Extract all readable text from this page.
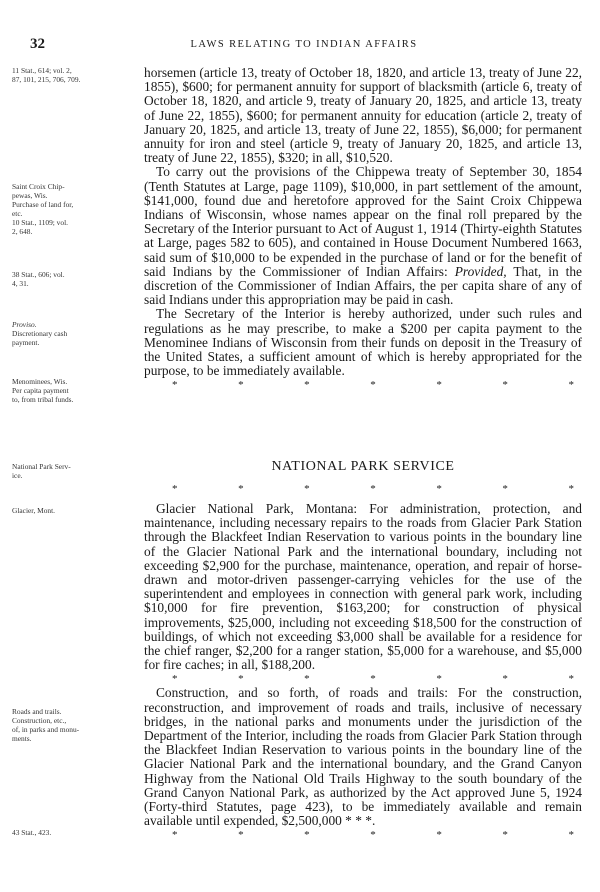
32	LAWS RELATING TO INDIAN AFFAIRS
11 Stat., 614; vol. 2,
87, 101, 215, 706, 709.
Saint Croix Chip-
pewas, Wis.
Purchase of land for,
etc.
10 Stat., 1109; vol.
2, 648.
38 Stat., 606; vol.
4, 31.
Proviso.
Discretionary cash
payment.
Menominees, Wis.
Per capita payment
to, from tribal funds.
National Park Serv-
ice.
Glacier, Mont.
Roads and trails.
Construction, etc.,
of, in parks and monu-
ments.
43 Stat., 423.

horsemen (article 13, treaty of October 18, 1820, and article 13, treaty of June 22, 1855), $600; for permanent annuity for support of blacksmith (article 6, treaty of October 18, 1820, and article 9, treaty of January 20, 1825, and article 13, treaty of June 22, 1855), $600; for permanent annuity for education (article 2, treaty of January 20, 1825, and article 13, treaty of June 22, 1855), $6,000; for permanent annuity for iron and steel (article 9, treaty of January 20, 1825, and article 13, treaty of June 22, 1855), $320; in all, $10,520.

To carry out the provisions of the Chippewa treaty of September 30, 1854 (Tenth Statutes at Large, page 1109), $10,000, in part settlement of the amount, $141,000, found due and heretofore approved for the Saint Croix Chippewa Indians of Wisconsin, whose names appear on the final roll prepared by the Secretary of the Interior pursuant to Act of August 1, 1914 (Thirty-eighth Statutes at Large, pages 582 to 605), and contained in House Document Numbered 1663, said sum of $10,000 to be expended in the purchase of land or for the benefit of said Indians by the Commissioner of Indian Affairs: Provided, That, in the discretion of the Commissioner of Indian Affairs, the per capita share of any of said Indians under this appropriation may be paid in cash.

The Secretary of the Interior is hereby authorized, under such rules and regulations as he may prescribe, to make a $200 per capita payment to the Menominee Indians of Wisconsin from their funds on deposit in the Treasury of the United States, a sufficient amount of which is hereby appropriated for the purpose, to be immediately available.

*	*	*	*	*	*	*
NATIONAL PARK SERVICE
*	*	*	*	*	*	*

Glacier National Park, Montana: For administration, protection, and maintenance, including necessary repairs to the roads from Glacier Park Station through the Blackfeet Indian Reservation to various points in the boundary line of the Glacier National Park and the international boundary, including not exceeding $2,900 for the purchase, maintenance, operation, and repair of horse-drawn and motor-driven passenger-carrying vehicles for the use of the superintendent and employees in connection with general park work, including $10,000 for fire prevention, $163,200; for construction of physical improvements, $25,000, including not exceeding $18,500 for the construction of buildings, of which not exceeding $3,000 shall be available for a residence for the chief ranger, $2,200 for a ranger station, $5,000 for a warehouse, and $5,000 for fire caches; in all, $188,200.

*	*	*	*	*	*	*

Construction, and so forth, of roads and trails: For the construction, reconstruction, and improvement of roads and trails, inclusive of necessary bridges, in the national parks and monuments under the jurisdiction of the Department of the Interior, including the roads from Glacier Park Station through the Blackfeet Indian Reservation to various points in the boundary line of the Glacier National Park and the international boundary, and the Grand Canyon Highway from the National Old Trails Highway to the south boundary of the Grand Canyon National Park, as authorized by the Act approved June 5, 1924 (Forty-third Statutes, page 423), to be immediately available and remain available until expended, $2,500,000 * * *.

*	*	*	*	*	*	*
